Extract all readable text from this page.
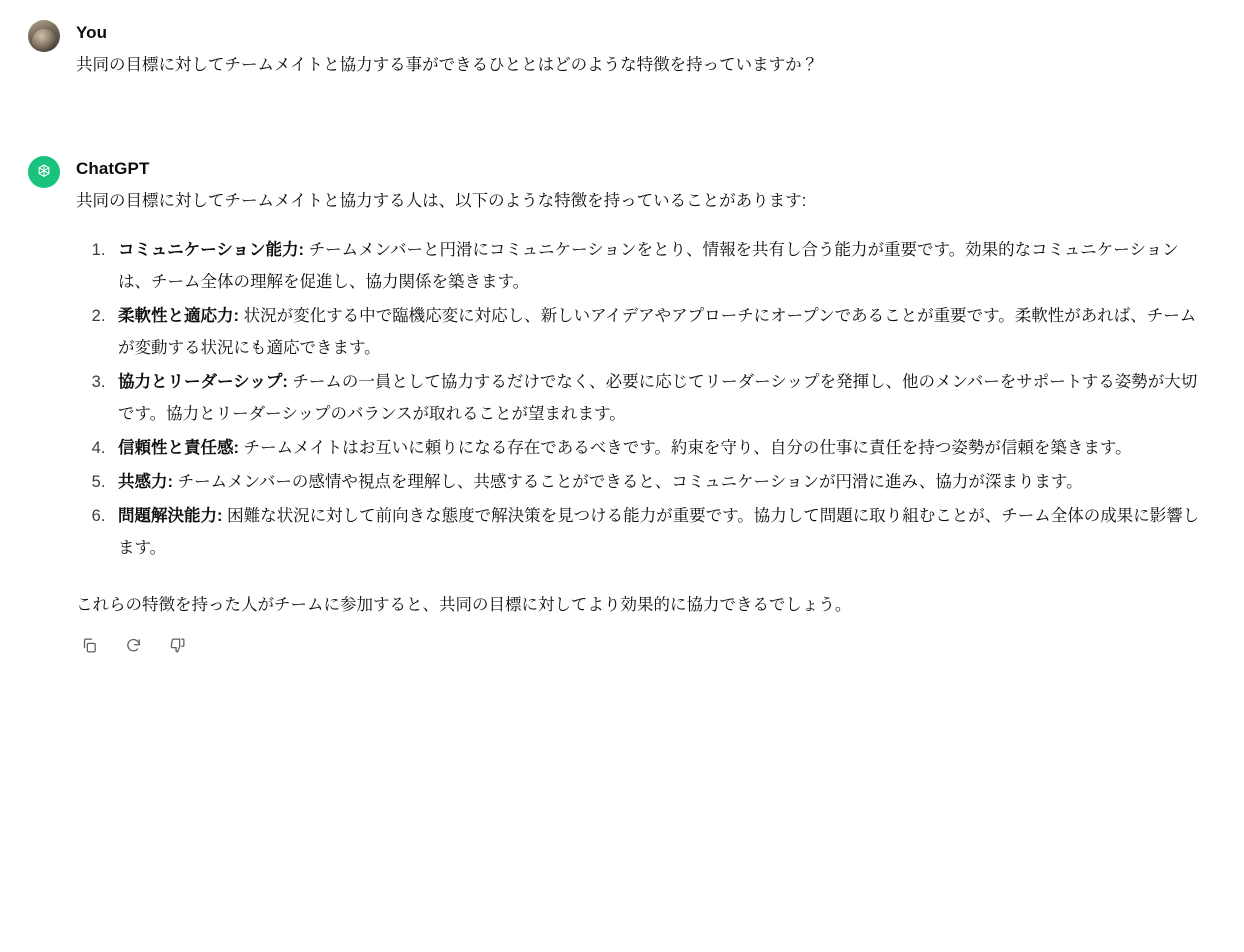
You

共同の目標に対してチームメイトと協力する事ができるひととはどのような特徴を持っていますか？

ChatGPT

共同の目標に対してチームメイトと協力する人は、以下のような特徴を持っていることがあります:

1. コミュニケーション能力: チームメンバーと円滑にコミュニケーションをとり、情報を共有し合う能力が重要です。効果的なコミュニケーションは、チーム全体の理解を促進し、協力関係を築きます。
2. 柔軟性と適応力: 状況が変化する中で臨機応変に対応し、新しいアイデアやアプローチにオープンであることが重要です。柔軟性があれば、チームが変動する状況にも適応できます。
3. 協力とリーダーシップ: チームの一員として協力するだけでなく、必要に応じてリーダーシップを発揮し、他のメンバーをサポートする姿勢が大切です。協力とリーダーシップのバランスが取れることが望まれます。
4. 信頼性と責任感: チームメイトはお互いに頼りになる存在であるべきです。約束を守り、自分の仕事に責任を持つ姿勢が信頼を築きます。
5. 共感力: チームメンバーの感情や視点を理解し、共感することができると、コミュニケーションが円滑に進み、協力が深まります。
6. 問題解決能力: 困難な状況に対して前向きな態度で解決策を見つける能力が重要です。協力して問題に取り組むことが、チーム全体の成果に影響します。

これらの特徴を持った人がチームに参加すると、共同の目標に対してより効果的に協力できるでしょう。
